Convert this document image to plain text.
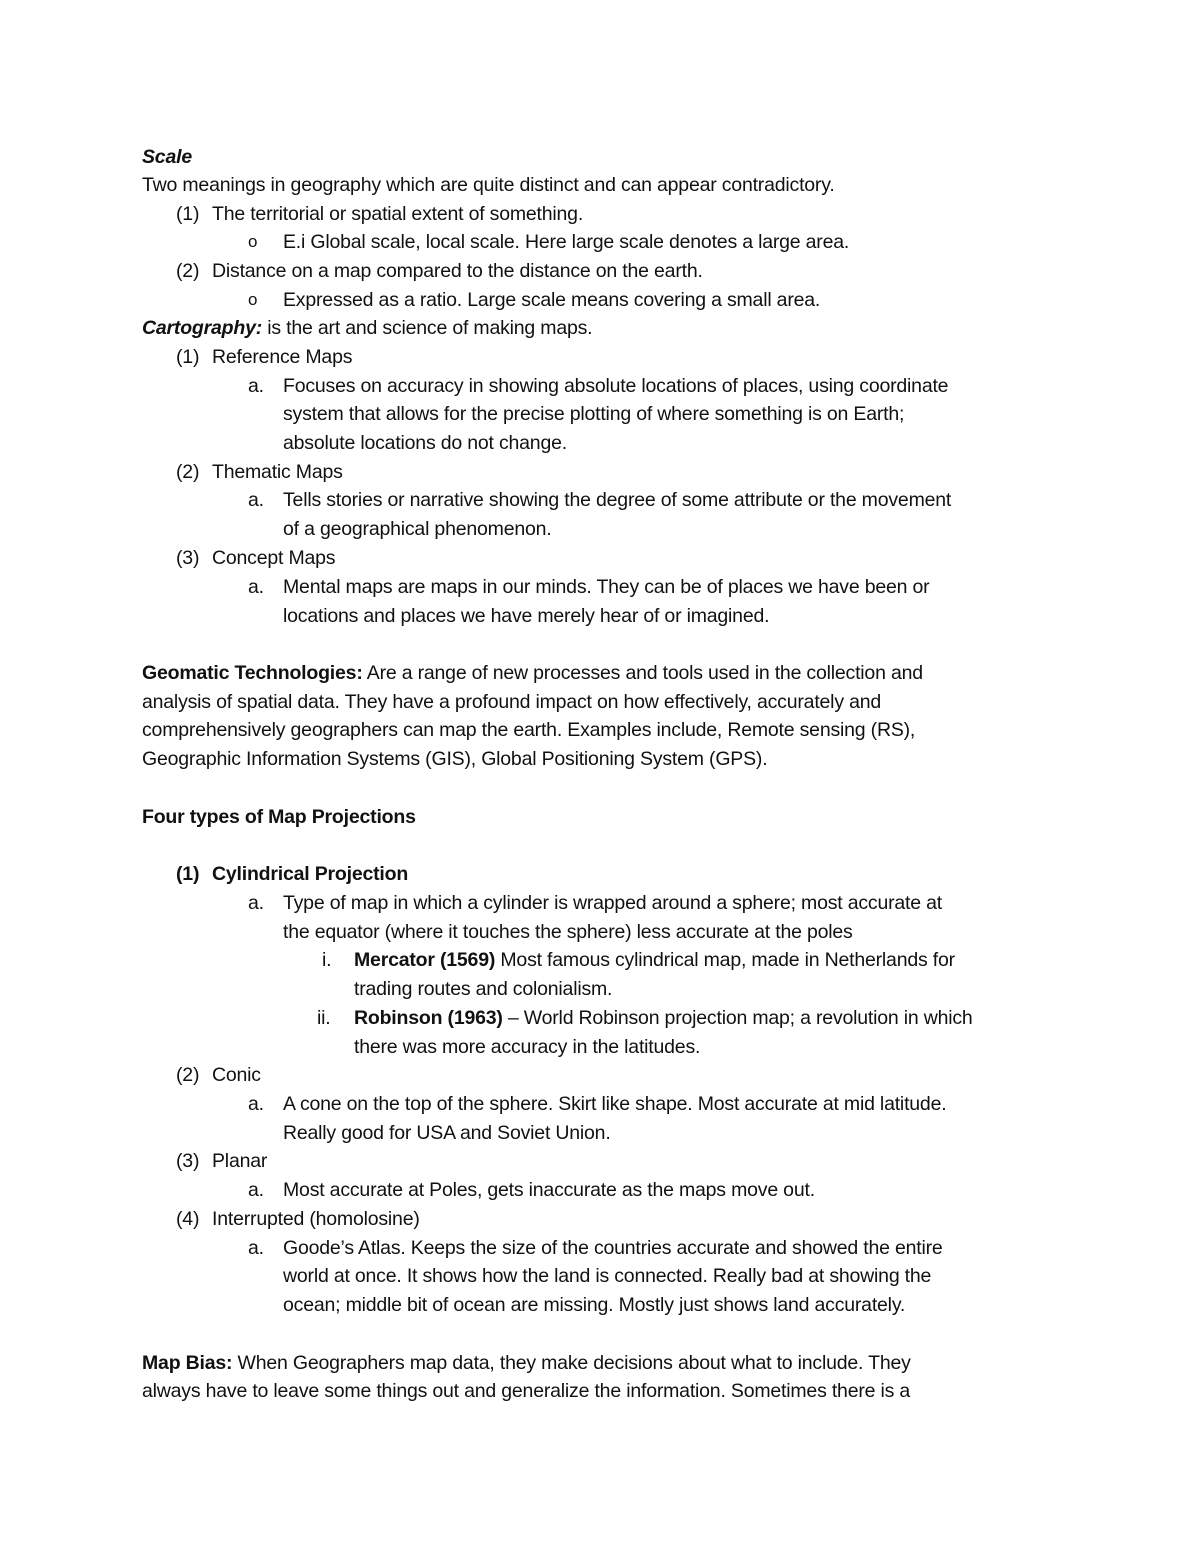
Scale
Two meanings in geography which are quite distinct and can appear contradictory.
(1) The territorial or spatial extent of something.
o E.i Global scale, local scale. Here large scale denotes a large area.
(2) Distance on a map compared to the distance on the earth.
o Expressed as a ratio. Large scale means covering a small area.
Cartography: is the art and science of making maps.
(1) Reference Maps
a. Focuses on accuracy in showing absolute locations of places, using coordinate
system that allows for the precise plotting of where something is on Earth;
absolute locations do not change.
(2) Thematic Maps
a. Tells stories or narrative showing the degree of some attribute or the movement
of a geographical phenomenon.
(3) Concept Maps
a. Mental maps are maps in our minds. They can be of places we have been or
locations and places we have merely hear of or imagined.
Geomatic Technologies: Are a range of new processes and tools used in the collection and
analysis of spatial data. They have a profound impact on how effectively, accurately and
comprehensively geographers can map the earth. Examples include, Remote sensing (RS),
Geographic Information Systems (GIS), Global Positioning System (GPS).
Four types of Map Projections
(1) Cylindrical Projection
a. Type of map in which a cylinder is wrapped around a sphere; most accurate at
the equator (where it touches the sphere) less accurate at the poles
i. Mercator (1569) Most famous cylindrical map, made in Netherlands for
trading routes and colonialism.
ii. Robinson (1963) – World Robinson projection map; a revolution in which
there was more accuracy in the latitudes.
(2) Conic
a. A cone on the top of the sphere. Skirt like shape. Most accurate at mid latitude.
Really good for USA and Soviet Union.
(3) Planar
a. Most accurate at Poles, gets inaccurate as the maps move out.
(4) Interrupted (homolosine)
a. Goode’s Atlas. Keeps the size of the countries accurate and showed the entire
world at once. It shows how the land is connected. Really bad at showing the
ocean; middle bit of ocean are missing. Mostly just shows land accurately.
Map Bias: When Geographers map data, they make decisions about what to include. They
always have to leave some things out and generalize the information. Sometimes there is a
